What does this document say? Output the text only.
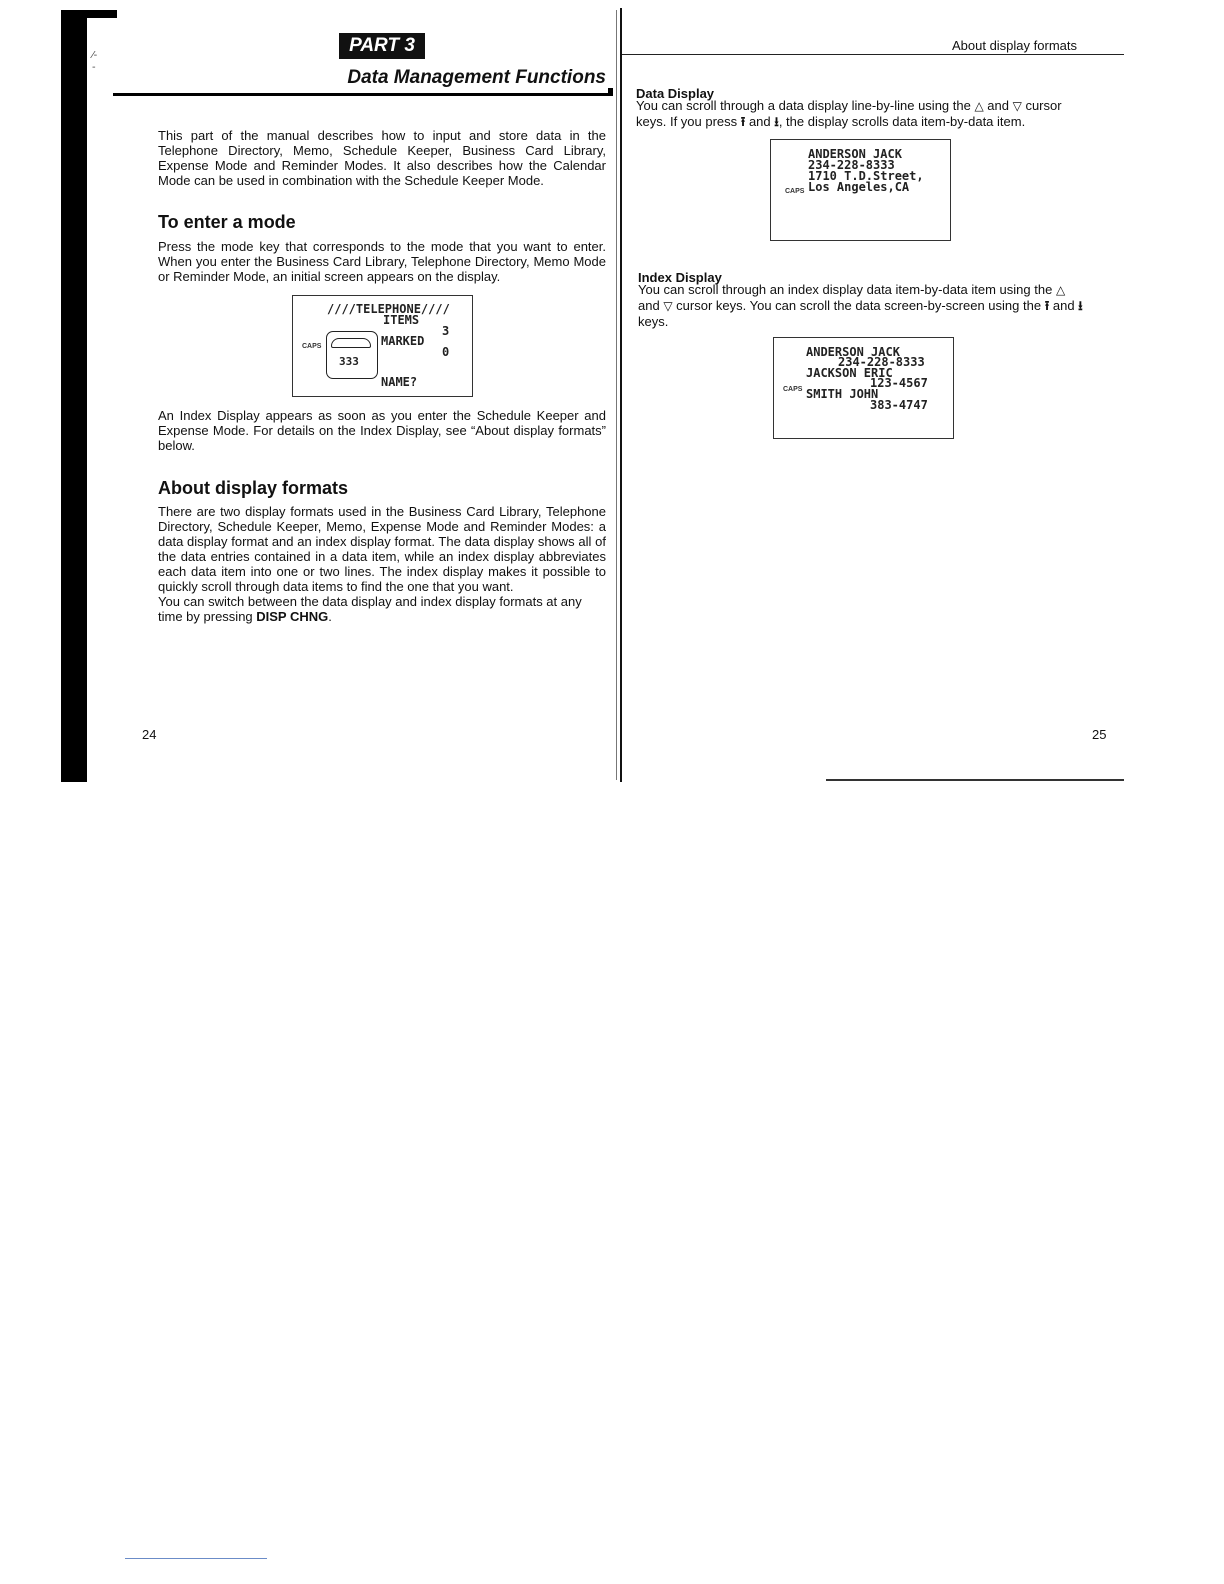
⁄-
-
PART 3
Data Management Functions
This part of the manual describes how to input and store data in the Telephone Directory, Memo, Schedule Keeper, Business Card Library, Expense Mode and Reminder Modes. It also describes how the Calendar Mode can be used in combination with the Schedule Keeper Mode.
To enter a mode
Press the mode key that corresponds to the mode that you want to enter. When you enter the Business Card Library, Telephone Directory, Memo Mode or Reminder Mode, an initial screen appears on the display.
////TELEPHONE////
ITEMS
3
333
MARKED
0
CAPS
NAME?
An Index Display appears as soon as you enter the Schedule Keeper and Expense Mode. For details on the Index Display, see “About display formats” below.
About display formats
There are two display formats used in the Business Card Library, Telephone Directory, Schedule Keeper, Memo, Expense Mode and Reminder Modes: a data display format and an index display format. The data display shows all of the data entries contained in a data item, while an index display abbreviates each data item into one or two lines. The index display makes it possible to quickly scroll through data items to find the one that you want.
You can switch between the data display and index display formats at any time by pressing DISP CHNG.
24
About display formats
Data Display
You can scroll through a data display line-by-line using the △ and ▽ cursor keys. If you press ⭱ and ⭳, the display scrolls data item-by-data item.
ANDERSON JACK
234-228-8333
1710 T.D.Street,
Los Angeles,CA
CAPS
Index Display
You can scroll through an index display data item-by-data item using the △ and ▽ cursor keys. You can scroll the data screen-by-screen using the ⭱ and ⭳ keys.
ANDERSON JACK
234-228-8333
JACKSON ERIC
123-4567
SMITH JOHN
383-4747
CAPS
25
